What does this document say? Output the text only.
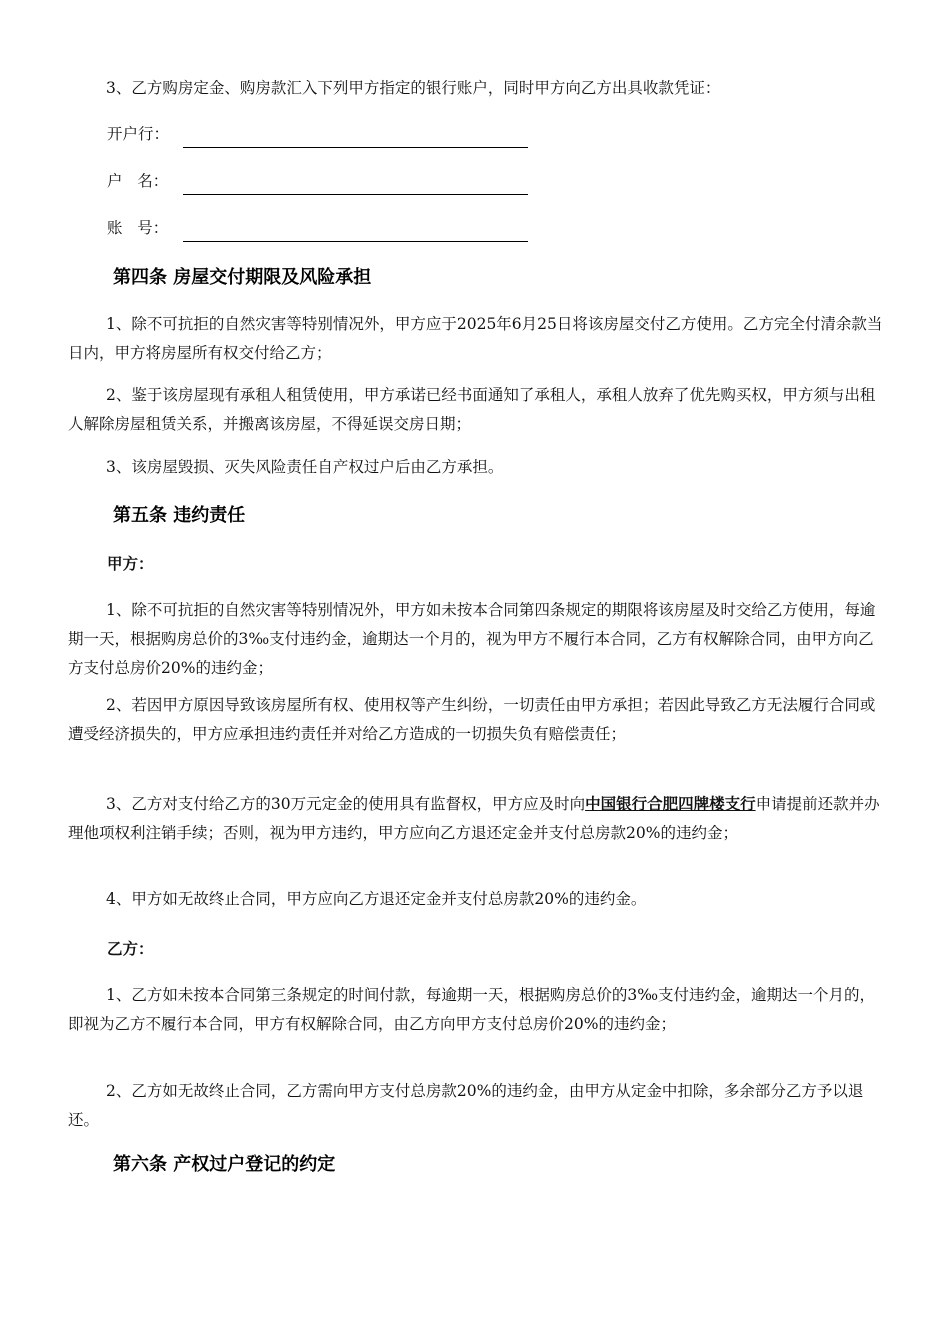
3、乙方购房定金、购房款汇入下列甲方指定的银行账户，同时甲方向乙方出具收款凭证：

开户行：
户   名：
账   号：
第四条 房屋交付期限及风险承担

1、除不可抗拒的自然灾害等特别情况外，甲方应于2025年6月25日将该房屋交付乙方使用。乙方完全付清余款当日内，甲方将房屋所有权交付给乙方；

2、鉴于该房屋现有承租人租赁使用，甲方承诺已经书面通知了承租人，承租人放弃了优先购买权，甲方须与出租人解除房屋租赁关系，并搬离该房屋，不得延误交房日期；

3、该房屋毁损、灭失风险责任自产权过户后由乙方承担。

第五条 违约责任
甲方：

1、除不可抗拒的自然灾害等特别情况外，甲方如未按本合同第四条规定的期限将该房屋及时交给乙方使用，每逾期一天，根据购房总价的3‰支付违约金，逾期达一个月的，视为甲方不履行本合同，乙方有权解除合同，由甲方向乙方支付总房价20%的违约金；

2、若因甲方原因导致该房屋所有权、使用权等产生纠纷，一切责任由甲方承担；若因此导致乙方无法履行合同或遭受经济损失的，甲方应承担违约责任并对给乙方造成的一切损失负有赔偿责任；

3、乙方对支付给乙方的30万元定金的使用具有监督权，甲方应及时向中国银行合肥四牌楼支行申请提前还款并办理他项权利注销手续；否则，视为甲方违约，甲方应向乙方退还定金并支付总房款20%的违约金；

4、甲方如无故终止合同，甲方应向乙方退还定金并支付总房款20%的违约金。

乙方：

1、乙方如未按本合同第三条规定的时间付款，每逾期一天，根据购房总价的3‰支付违约金，逾期达一个月的，即视为乙方不履行本合同，甲方有权解除合同，由乙方向甲方支付总房价20%的违约金；

2、乙方如无故终止合同，乙方需向甲方支付总房款20%的违约金，由甲方从定金中扣除，多余部分乙方予以退还。

第六条 产权过户登记的约定
